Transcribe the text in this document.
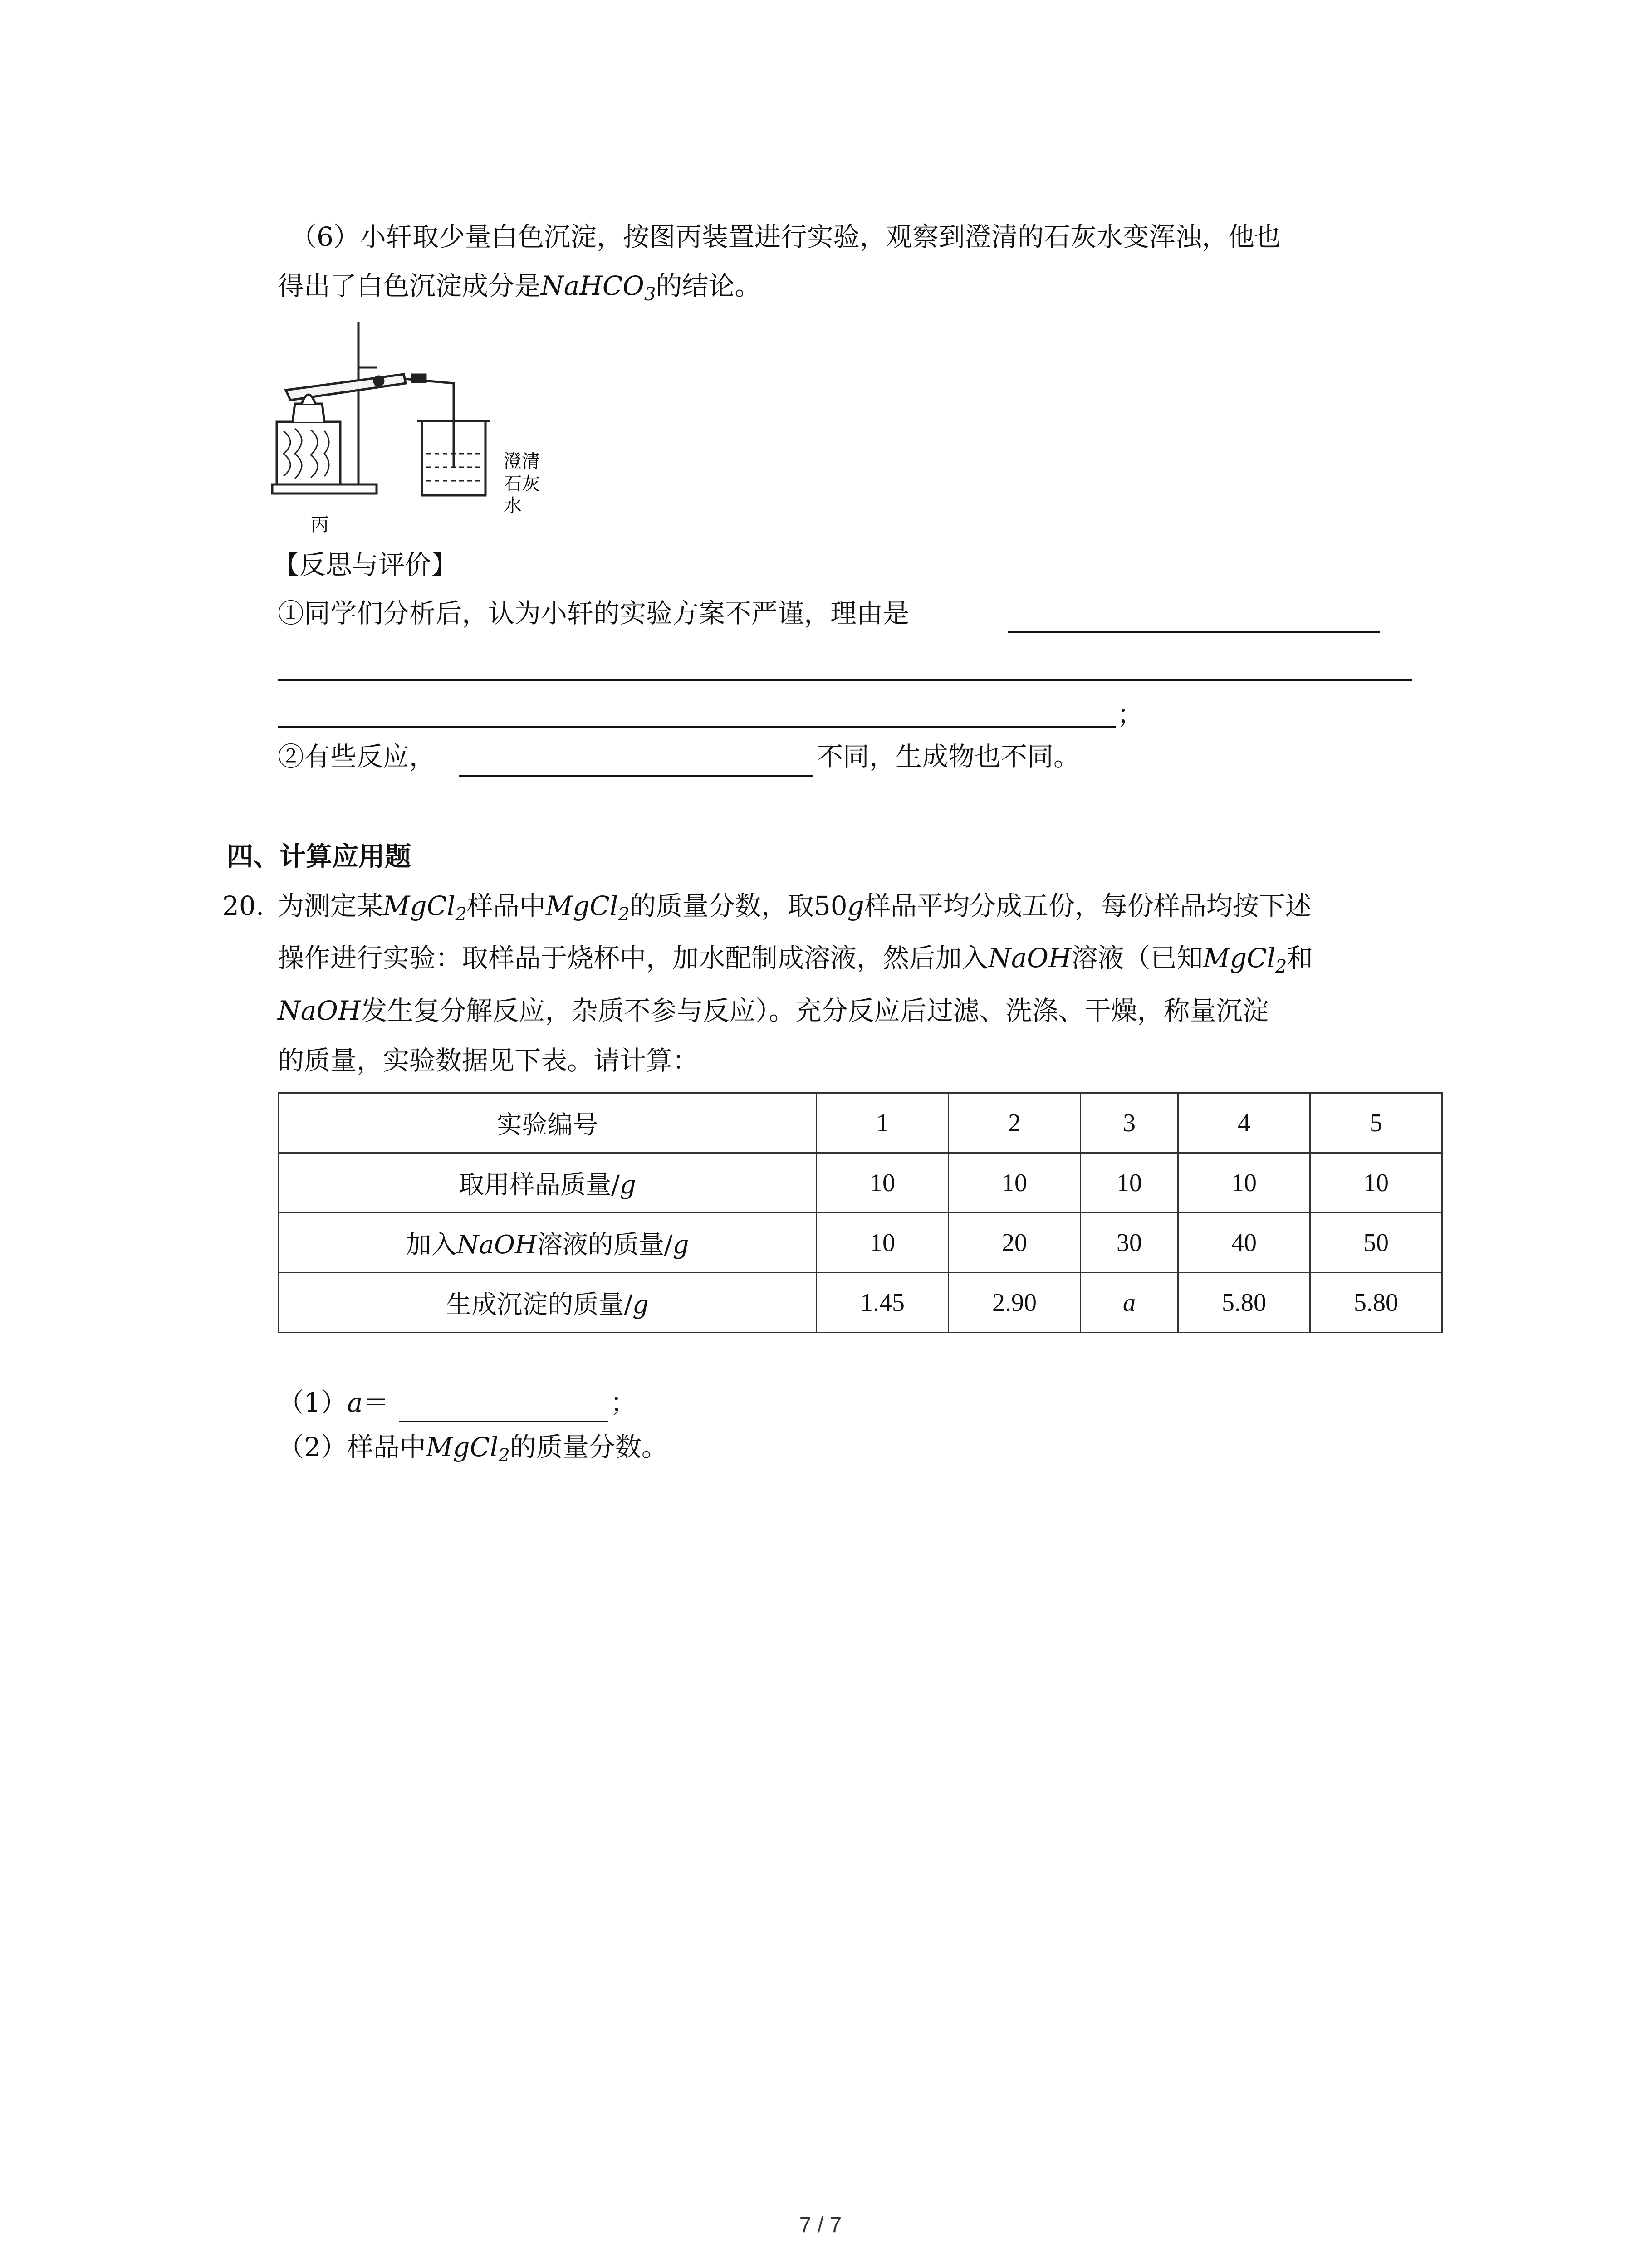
（6）小轩取少量白色沉淀，按图丙装置进行实验，观察到澄清的石灰水变浑浊，他也
得出了白色沉淀成分是NaHCO$_3$的结论。
丙
澄清
石灰
水
【反思与评价】
①同学们分析后，认为小轩的实验方案不严谨，理由是
；
②有些反应，	不同，生成物也不同。
四、计算应用题
20. 为测定某MgCl$_2$样品中MgCl$_2$的质量分数，取50g样品平均分成五份，每份样品均按下述
操作进行实验：取样品于烧杯中，加水配制成溶液，然后加入NaOH溶液（已知MgCl$_2$和
NaOH发生复分解反应，杂质不参与反应）。充分反应后过滤、洗涤、干燥，称量沉淀
的质量，实验数据见下表。请计算：
实验编号	1	2	3	4	5
取用样品质量/g	10	10	10	10	10
加入NaOH溶液的质量/g	10	20	30	40	50
生成沉淀的质量/g	1.45	2.90	a	5.80	5.80
（1）a＝	；
（2）样品中MgCl$_2$的质量分数。
7 / 7
